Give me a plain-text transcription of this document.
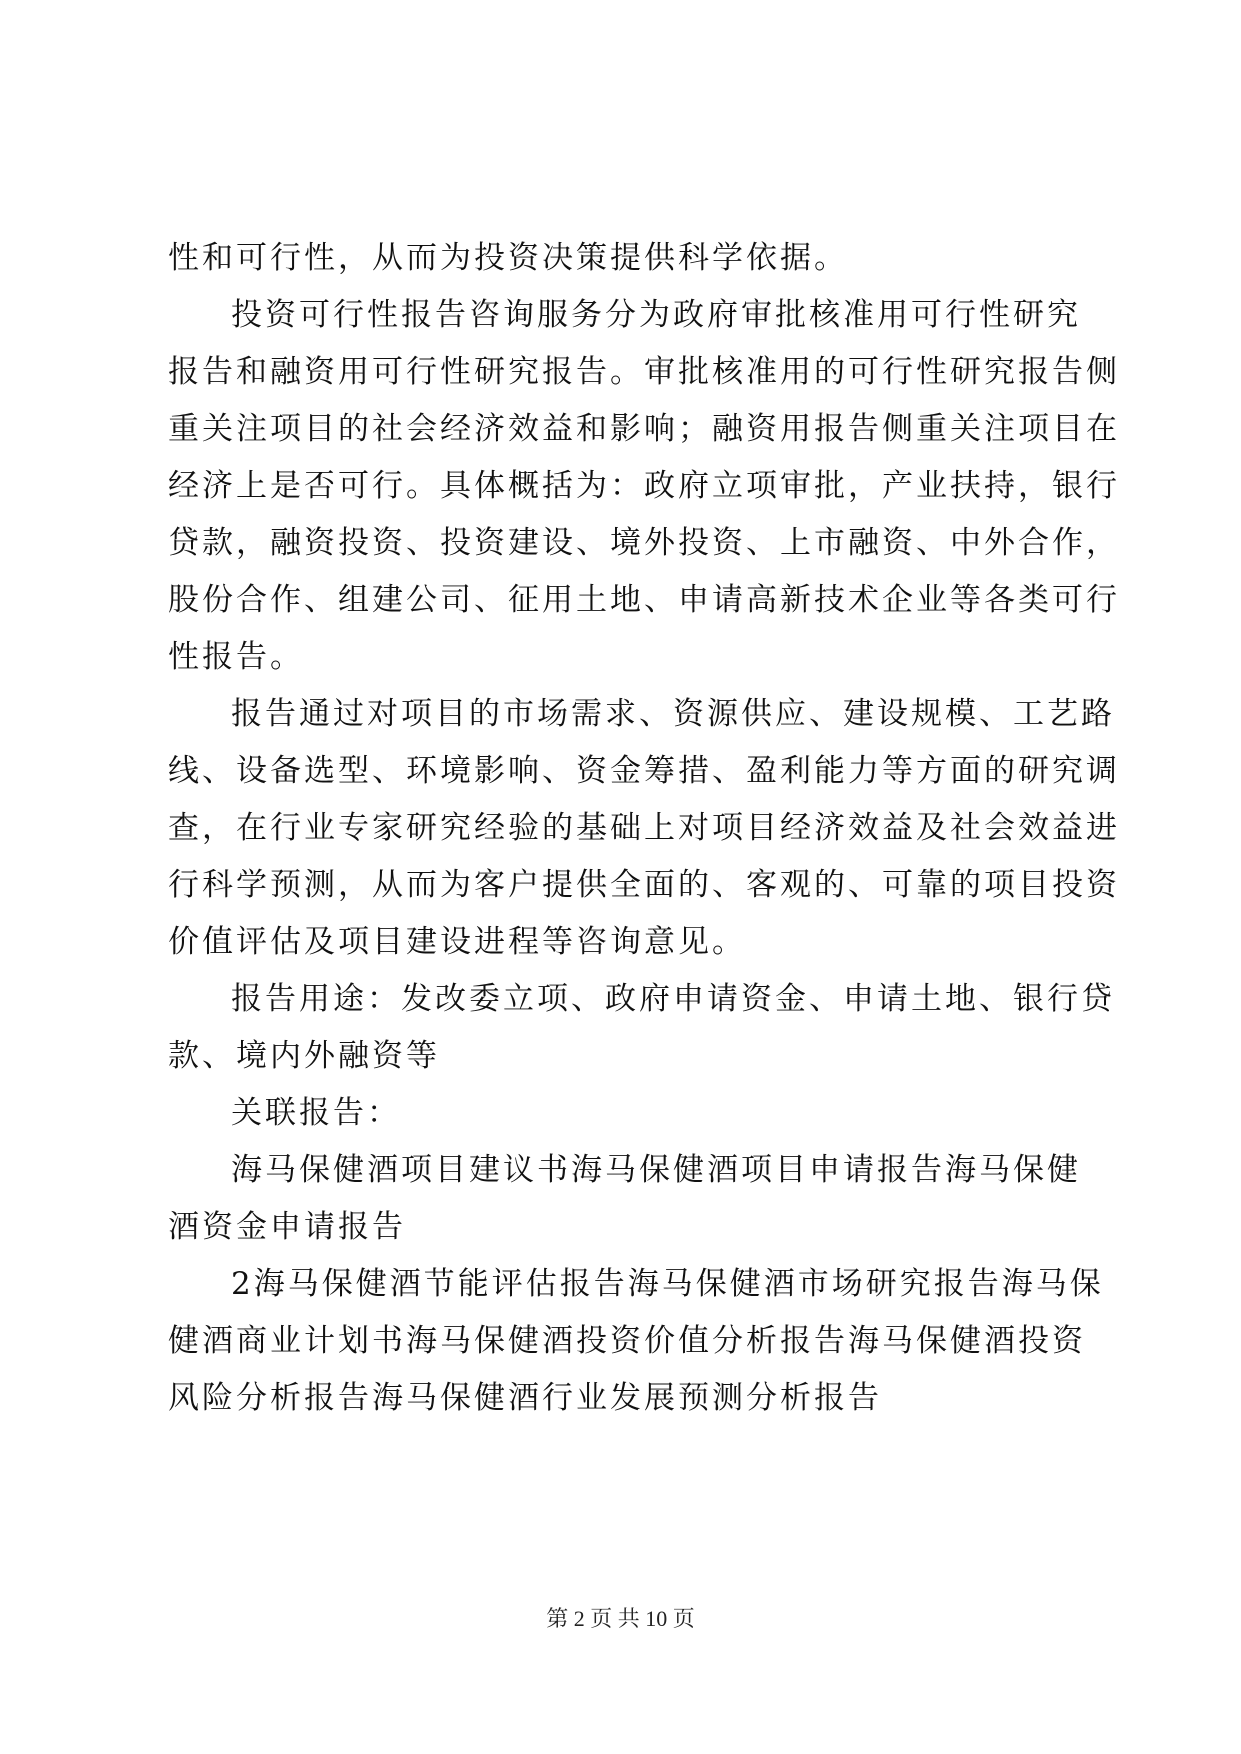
性和可行性，从而为投资决策提供科学依据。
投资可行性报告咨询服务分为政府审批核准用可行性研究
报告和融资用可行性研究报告。审批核准用的可行性研究报告侧
重关注项目的社会经济效益和影响；融资用报告侧重关注项目在
经济上是否可行。具体概括为：政府立项审批，产业扶持，银行
贷款，融资投资、投资建设、境外投资、上市融资、中外合作，
股份合作、组建公司、征用土地、申请高新技术企业等各类可行
性报告。
报告通过对项目的市场需求、资源供应、建设规模、工艺路
线、设备选型、环境影响、资金筹措、盈利能力等方面的研究调
查，在行业专家研究经验的基础上对项目经济效益及社会效益进
行科学预测，从而为客户提供全面的、客观的、可靠的项目投资
价值评估及项目建设进程等咨询意见。
报告用途：发改委立项、政府申请资金、申请土地、银行贷
款、境内外融资等
关联报告：
海马保健酒项目建议书海马保健酒项目申请报告海马保健
酒资金申请报告
2海马保健酒节能评估报告海马保健酒市场研究报告海马保
健酒商业计划书海马保健酒投资价值分析报告海马保健酒投资
风险分析报告海马保健酒行业发展预测分析报告
第 2 页 共 10 页
